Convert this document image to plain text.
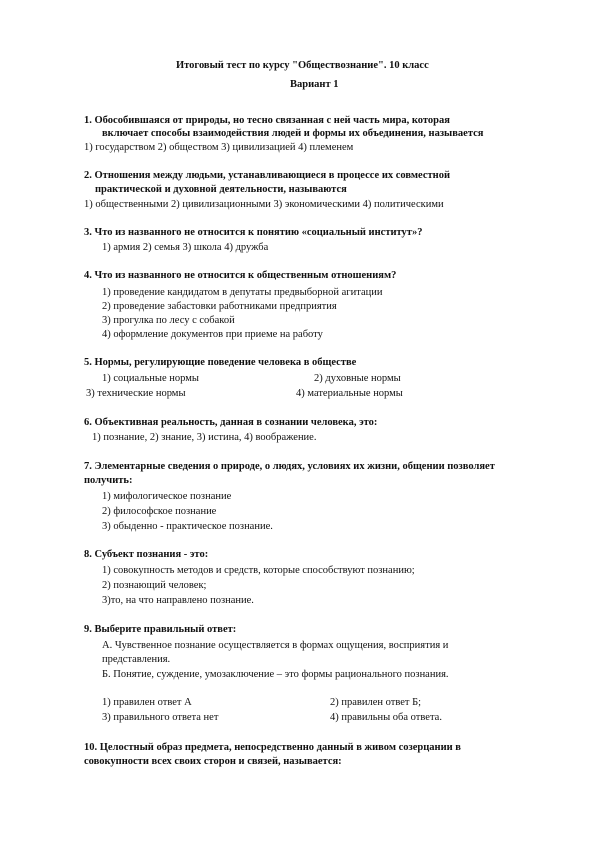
Итоговый тест по курсу "Обществознание". 10 класс
Вариант 1
1. Обособившаяся от природы, но тесно связанная с ней часть мира, которая
включает способы взаимодействия людей и формы их объединения, называется
1) государством 2) обществом 3) цивилизацией 4) племенем
2. Отношения между людьми, устанавливающиеся в процессе их совместной
практической и духовной деятельности, называются
1) общественными 2) цивилизационными 3) экономическими 4) политическими
3. Что из названного не относится к понятию «социальный институт»?
1) армия 2) семья 3) школа 4) дружба
4. Что из названного не относится к общественным отношениям?
1) проведение кандидатом в депутаты предвыборной агитации
2) проведение забастовки работниками предприятия
3) прогулка по лесу с собакой
4) оформление документов при приеме на работу
5. Нормы, регулирующие поведение человека в обществе
1) социальные нормы	2) духовные нормы
3) технические нормы	4) материальные нормы
6. Объективная реальность, данная в сознании человека, это:
1) познание, 2) знание, 3) истина, 4) воображение.
7. Элементарные сведения о природе, о людях, условиях их жизни, общении позволяет
получить:
1) мифологическое познание
2) философское познание
3) обыденно - практическое познание.
8. Субъект познания - это:
1) совокупность методов и средств, которые способствуют познанию;
2) познающий человек;
3)то, на что направлено познание.
9. Выберите правильный ответ:
А. Чувственное познание осуществляется в формах ощущения, восприятия и
представления.
Б. Понятие, суждение, умозаключение – это формы рационального познания.
1) правилен ответ А	2) правилен ответ Б;
3) правильного ответа нет	4) правильны оба ответа.
10. Целостный образ предмета, непосредственно данный в живом созерцании в
совокупности всех своих сторон и связей, называется:
